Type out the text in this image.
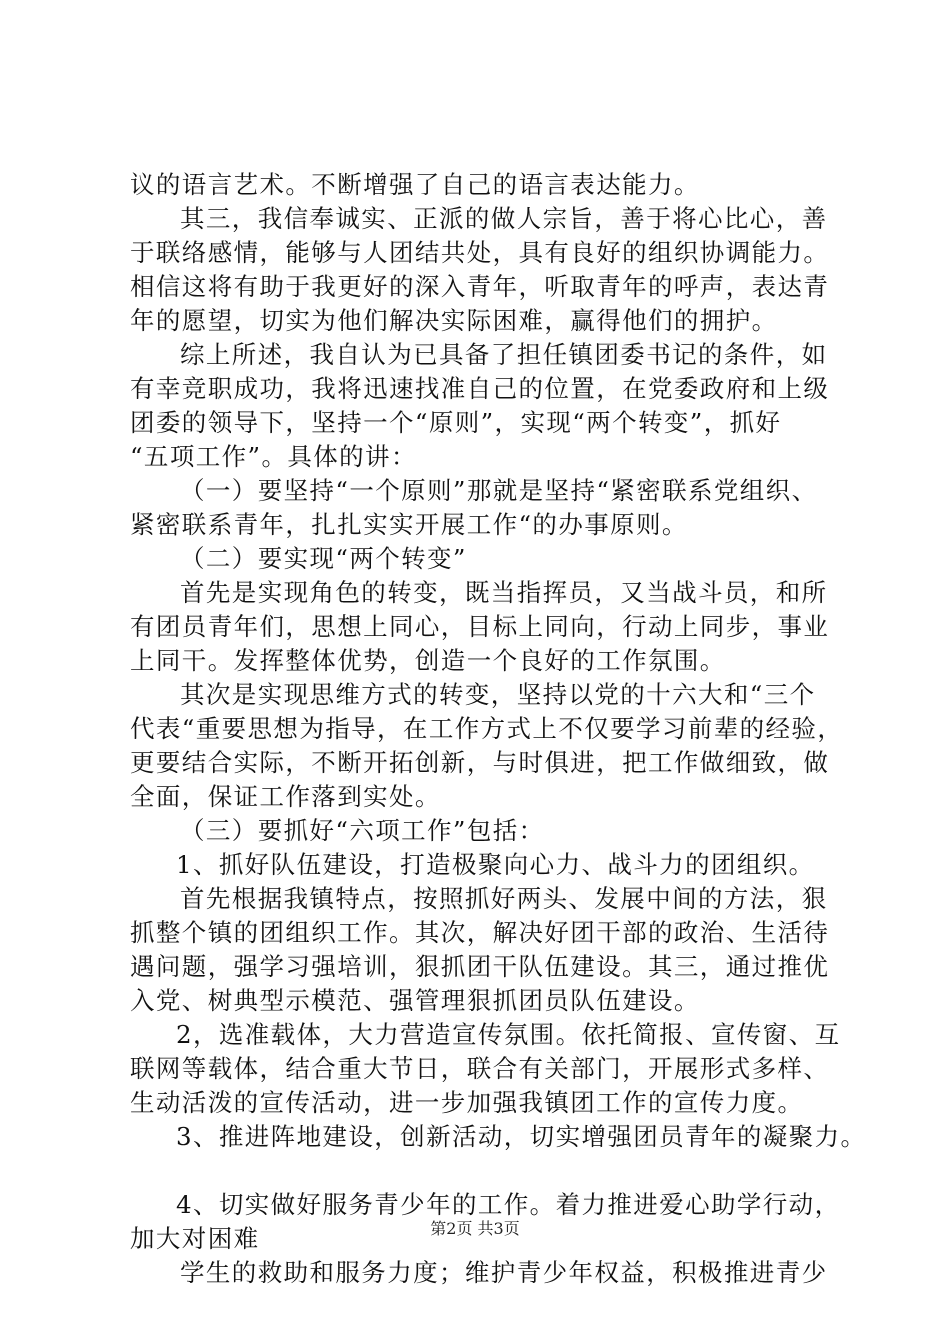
议的语言艺术。不断增强了自己的语言表达能力。
其三，我信奉诚实、正派的做人宗旨，善于将心比心，善
于联络感情，能够与人团结共处，具有良好的组织协调能力。
相信这将有助于我更好的深入青年，听取青年的呼声，表达青
年的愿望，切实为他们解决实际困难，赢得他们的拥护。
综上所述，我自认为已具备了担任镇团委书记的条件，如
有幸竞职成功，我将迅速找准自己的位置，在党委政府和上级
团委的领导下，坚持一个“原则”，实现“两个转变”，抓好
“五项工作”。具体的讲：
（一）要坚持“一个原则”那就是坚持“紧密联系党组织、
紧密联系青年，扎扎实实开展工作“的办事原则。
（二）要实现“两个转变”
首先是实现角色的转变，既当指挥员，又当战斗员，和所
有团员青年们，思想上同心，目标上同向，行动上同步，事业
上同干。发挥整体优势，创造一个良好的工作氛围。
其次是实现思维方式的转变，坚持以党的十六大和“三个
代表“重要思想为指导，在工作方式上不仅要学习前辈的经验，
更要结合实际，不断开拓创新，与时俱进，把工作做细致，做
全面，保证工作落到实处。
（三）要抓好“六项工作”包括：
1、抓好队伍建设，打造极聚向心力、战斗力的团组织。
首先根据我镇特点，按照抓好两头、发展中间的方法，狠
抓整个镇的团组织工作。其次，解决好团干部的政治、生活待
遇问题，强学习强培训，狠抓团干队伍建设。其三，通过推优
入党、树典型示模范、强管理狠抓团员队伍建设。
2，选准载体，大力营造宣传氛围。依托简报、宣传窗、互
联网等载体，结合重大节日，联合有关部门，开展形式多样、
生动活泼的宣传活动，进一步加强我镇团工作的宣传力度。
3、推进阵地建设，创新活动，切实增强团员青年的凝聚力。
4、切实做好服务青少年的工作。着力推进爱心助学行动，
加大对困难
学生的救助和服务力度；维护青少年权益，积极推进青少
第2页 共3页
